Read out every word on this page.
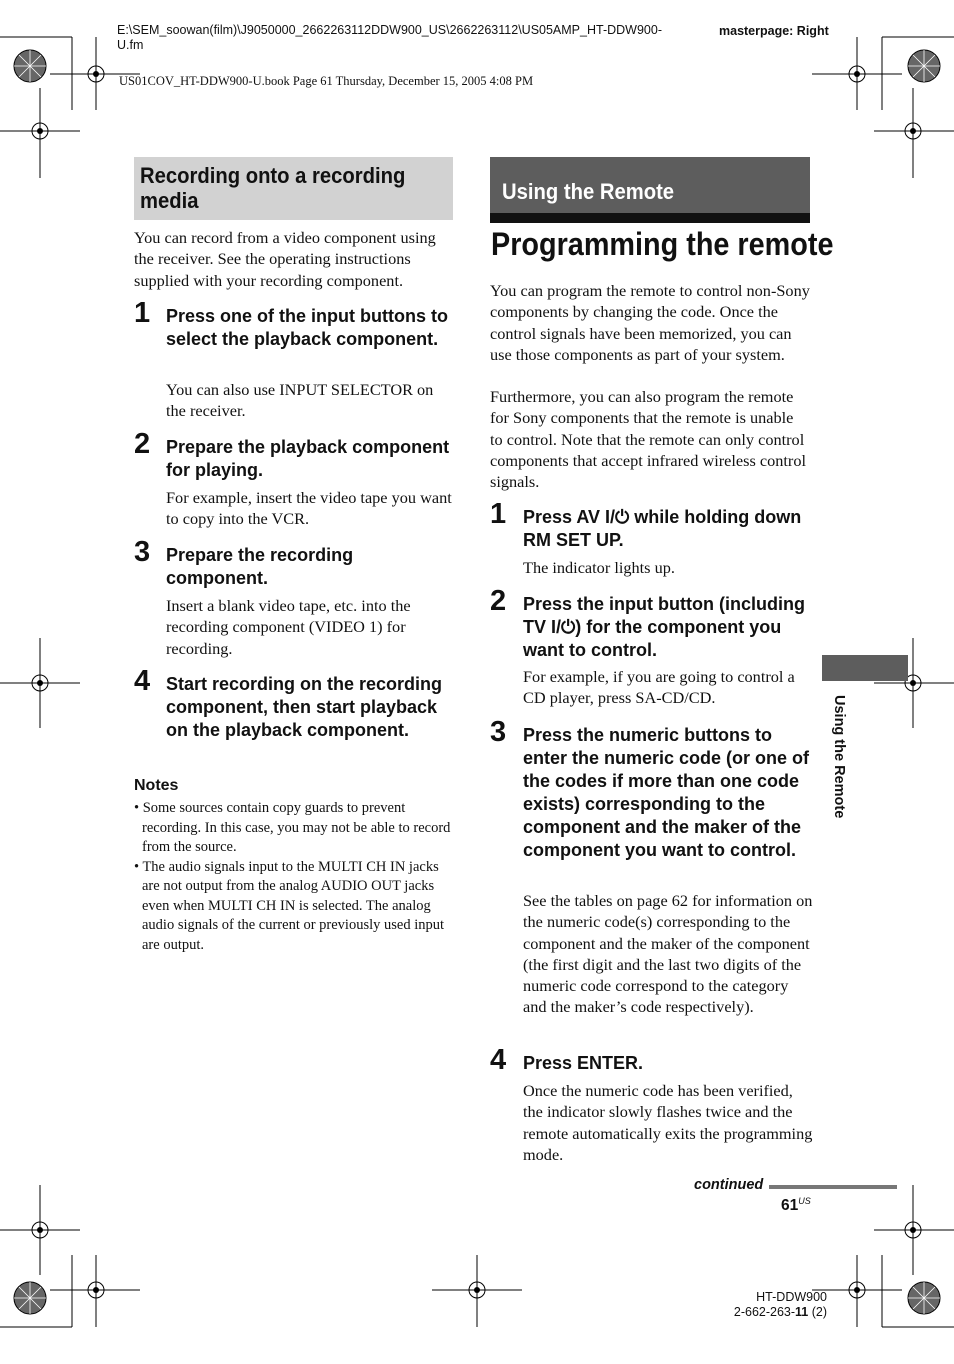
E:\SEM_soowan(film)\J9050000_2662263112DDW900_US\2662263112\US05AMP_HT-DDW900-U.fm
masterpage: Right
US01COV_HT-DDW900-U.book Page 61 Thursday, December 15, 2005 4:08 PM
Recording onto a recording media
You can record from a video component using the receiver. See the operating instructions supplied with your recording component.
1 Press one of the input buttons to select the playback component.
You can also use INPUT SELECTOR on the receiver.
2 Prepare the playback component for playing.
For example, insert the video tape you want to copy into the VCR.
3 Prepare the recording component.
Insert a blank video tape, etc. into the recording component (VIDEO 1) for recording.
4 Start recording on the recording component, then start playback on the playback component.
Notes
• Some sources contain copy guards to prevent recording. In this case, you may not be able to record from the source.
• The audio signals input to the MULTI CH IN jacks are not output from the analog AUDIO OUT jacks even when MULTI CH IN is selected. The analog audio signals of the current or previously used input are output.
Using the Remote
Programming the remote
You can program the remote to control non-Sony components by changing the code. Once the control signals have been memorized, you can use those components as part of your system.
Furthermore, you can also program the remote for Sony components that the remote is unable to control. Note that the remote can only control components that accept infrared wireless control signals.
1 Press AV I/⏻ while holding down RM SET UP.
The indicator lights up.
2 Press the input button (including TV I/⏻) for the component you want to control.
For example, if you are going to control a CD player, press SA-CD/CD.
3 Press the numeric buttons to enter the numeric code (or one of the codes if more than one code exists) corresponding to the component and the maker of the component you want to control.
See the tables on page 62 for information on the numeric code(s) corresponding to the component and the maker of the component (the first digit and the last two digits of the numeric code correspond to the category and the maker’s code respectively).
4 Press ENTER.
Once the numeric code has been verified, the indicator slowly flashes twice and the remote automatically exits the programming mode.
Using the Remote
continued
$61^{US}$
HT-DDW900
2-662-263-11 (2)
